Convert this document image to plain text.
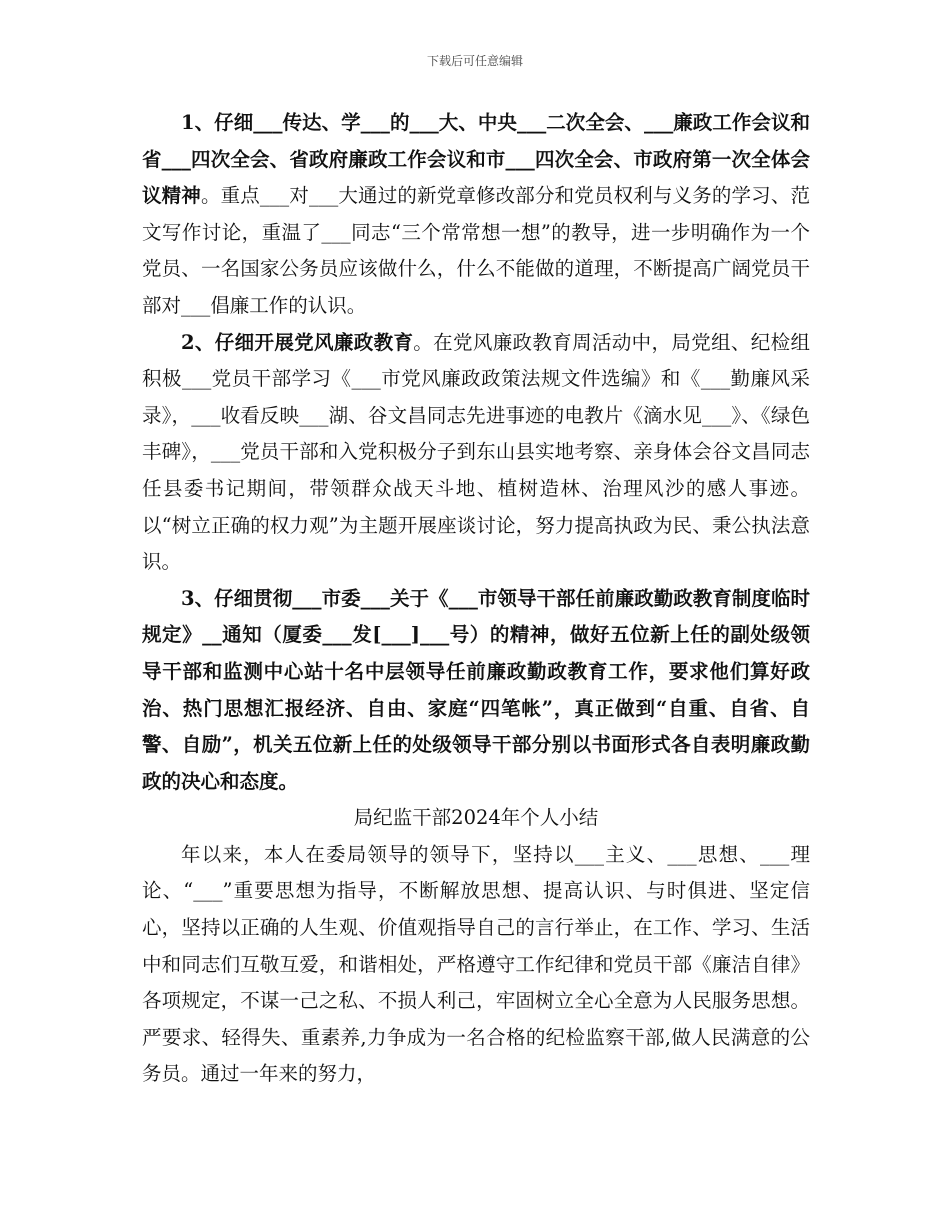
下载后可任意编辑

1、仔细___传达、学___的___大、中央___二次全会、___廉政工作会议和省___四次全会、省政府廉政工作会议和市___四次全会、市政府第一次全体会议精神。重点___对___大通过的新党章修改部分和党员权利与义务的学习、范文写作讨论，重温了___同志“三个常常想一想”的教导，进一步明确作为一个党员、一名国家公务员应该做什么，什么不能做的道理，不断提高广阔党员干部对___倡廉工作的认识。

2、仔细开展党风廉政教育。在党风廉政教育周活动中，局党组、纪检组积极___党员干部学习《___市党风廉政政策法规文件选编》和《___勤廉风采录》，___收看反映___湖、谷文昌同志先进事迹的电教片《滴水见___》、《绿色丰碑》，___党员干部和入党积极分子到东山县实地考察、亲身体会谷文昌同志任县委书记期间，带领群众战天斗地、植树造林、治理风沙的感人事迹。以“树立正确的权力观”为主题开展座谈讨论，努力提高执政为民、秉公执法意识。

3、仔细贯彻___市委___关于《___市领导干部任前廉政勤政教育制度临时规定》__通知（厦委___发[___]___号）的精神，做好五位新上任的副处级领导干部和监测中心站十名中层领导任前廉政勤政教育工作，要求他们算好政治、热门思想汇报经济、自由、家庭“四笔帐”，真正做到“自重、自省、自警、自励”，机关五位新上任的处级领导干部分别以书面形式各自表明廉政勤政的决心和态度。

局纪监干部2024年个人小结

年以来，本人在委局领导的领导下，坚持以___主义、___思想、___理论、“___”重要思想为指导，不断解放思想、提高认识、与时俱进、坚定信心，坚持以正确的人生观、价值观指导自己的言行举止，在工作、学习、生活中和同志们互敬互爱，和谐相处，严格遵守工作纪律和党员干部《廉洁自律》各项规定，不谋一己之私、不损人利己，牢固树立全心全意为人民服务思想。严要求、轻得失、重素养,力争成为一名合格的纪检监察干部,做人民满意的公务员。通过一年来的努力，
